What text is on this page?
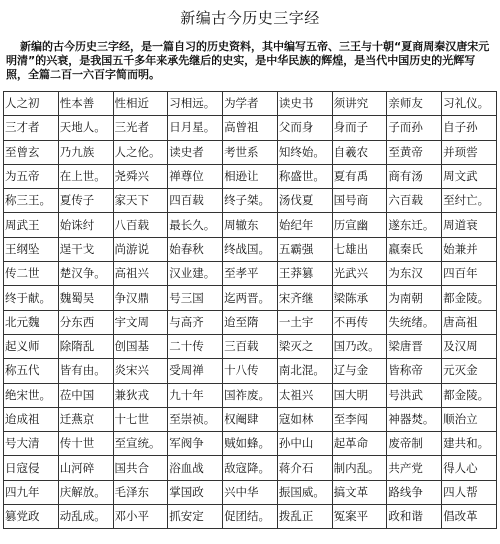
新编古今历史三字经
新编的古今历史三字经，是一篇自习的历史资料，其中编写五帝、三王与十朝“夏商周秦汉唐宋元明清”的兴衰，是我国五千多年来承先继后的史实，是中华民族的辉煌，是当代中国历史的光辉写照，全篇二百一六百字简而明。
人之初	性本善	性相近	习相远。	为学者	读史书	须讲究	亲师友	习礼仪。
三才者	天地人。	三光者	日月星。	高曾祖	父而身	身而子	子而孙	自子孙
至曾玄	乃九族	人之伦。	读史者	考世系	知终始。	自羲农	至黄帝	并顼喾
为五帝	在上世。	尧舜兴	禅尊位	相逊让	称盛世。	夏有禹	商有汤	周文武
称三王。	夏传子	家天下	四百载	终子桀。	汤伐夏	国号商	六百载	至纣亡。
周武王	始诛纣	八百载	最长久。	周辙东	始纪年	历宣幽	遂东迁。	周道衰
王纲坠	逞干戈	尚游说	始春秋	终战国。	五霸强	七雄出	嬴秦氏	始兼并
传二世	楚汉争。	高祖兴	汉业建。	至孝平	王莽篡	光武兴	为东汉	四百年
终于献。	魏蜀吴	争汉鼎	号三国	迄两晋。	宋齐继	梁陈承	为南朝	都金陵。
北元魏	分东西	宇文周	与高齐	迨至隋	一土宇	不再传	失统绪。	唐高祖
起义师	除隋乱	创国基	二十传	三百载	梁灭之	国乃改。	梁唐晋	及汉周
称五代	皆有由。	炎宋兴	受周禅	十八传	南北混。	辽与金	皆称帝	元灭金
绝宋世。	莅中国	兼狄戎	九十年	国祚废。	太祖兴	国大明	号洪武	都金陵。
迨成祖	迁燕京	十七世	至崇祯。	权阉肆	寇如林	至李闯	神器焚。	顺治立
号大清	传十世	至宣统。	军阀争	贼如蜂。	孙中山	起革命	废帝制	建共和。
日寇侵	山河碎	国共合	浴血战	敌寇降。	蒋介石	制内乱。	共产党	得人心
四九年	庆解放。	毛泽东	掌国政	兴中华	振国威。	搞文革	路线争	四人帮
篡党政	动乱成。	邓小平	抓安定	促团结。	拨乱正	冤案平	政和谐	倡改革
